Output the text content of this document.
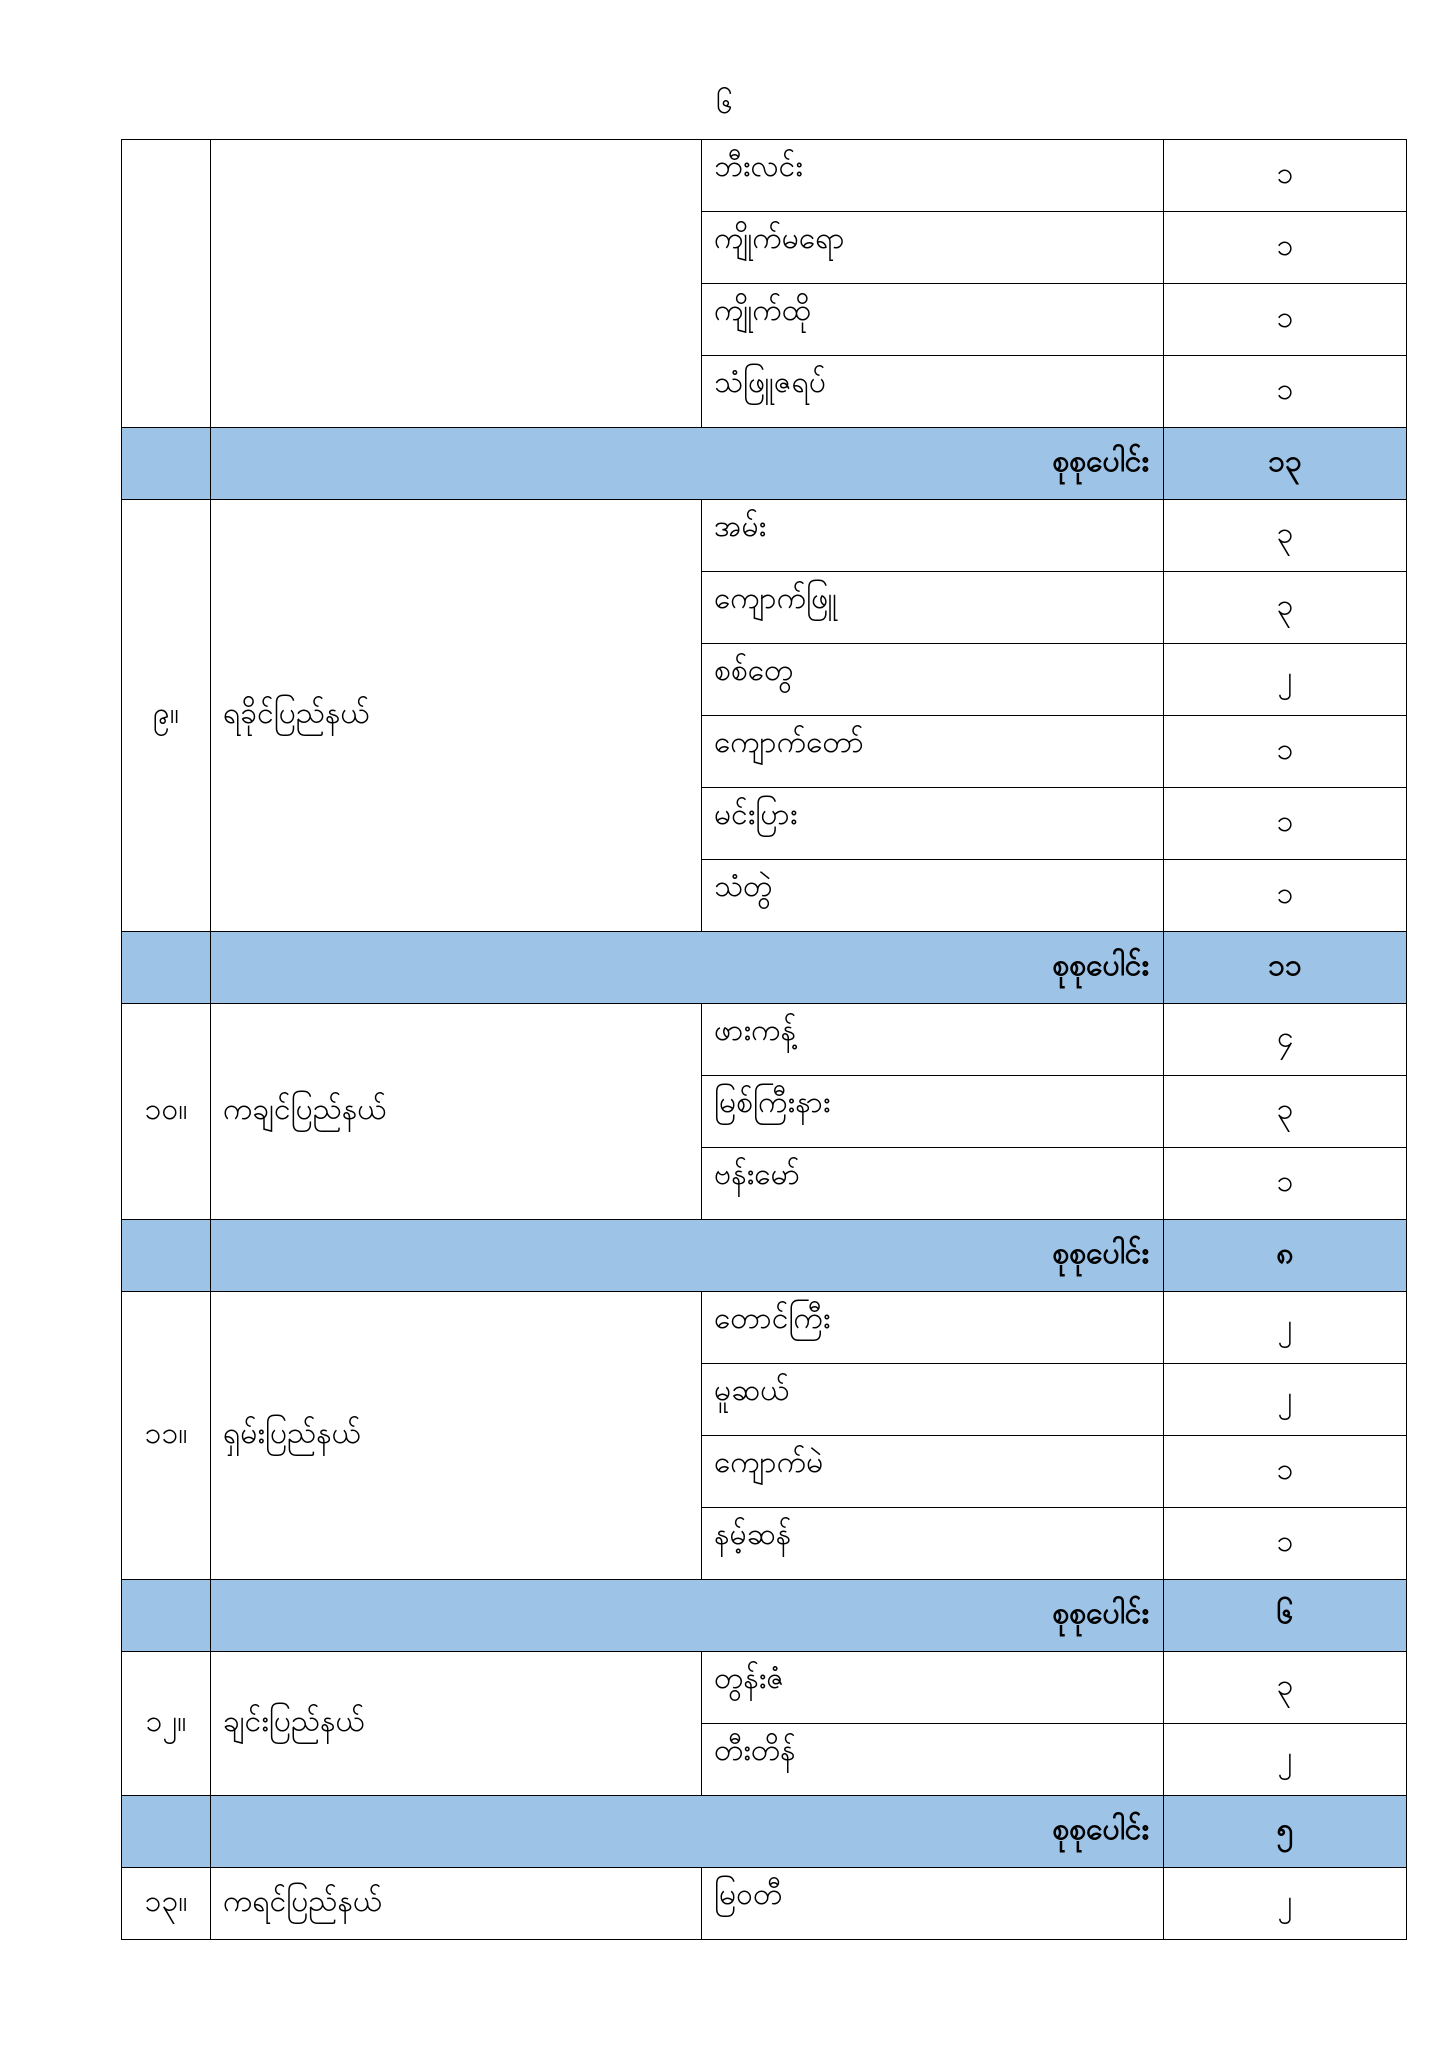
၆
		ဘီးလင်း	၁
		ကျိုက်မရော	၁
		ကျိုက်ထို	၁
		သံဖြူဇရပ်	၁
	စုစုပေါင်း		၁၃
၉။	ရခိုင်ပြည်နယ်	အမ်း	၃
		ကျောက်ဖြူ	၃
		စစ်တွေ	၂
		ကျောက်တော်	၁
		မင်းပြား	၁
		သံတွဲ	၁
	စုစုပေါင်း		၁၁
၁၀။	ကချင်ပြည်နယ်	ဖားကန့်	၄
		မြစ်ကြီးနား	၃
		ဗန်းမော်	၁
	စုစုပေါင်း		၈
၁၁။	ရှမ်းပြည်နယ်	တောင်ကြီး	၂
		မူဆယ်	၂
		ကျောက်မဲ	၁
		နမ့်ဆန်	၁
	စုစုပေါင်း		၆
၁၂။	ချင်းပြည်နယ်	တွန်းဇံ	၃
		တီးတိန်	၂
	စုစုပေါင်း		၅
၁၃။	ကရင်ပြည်နယ်	မြဝတီ	၂
